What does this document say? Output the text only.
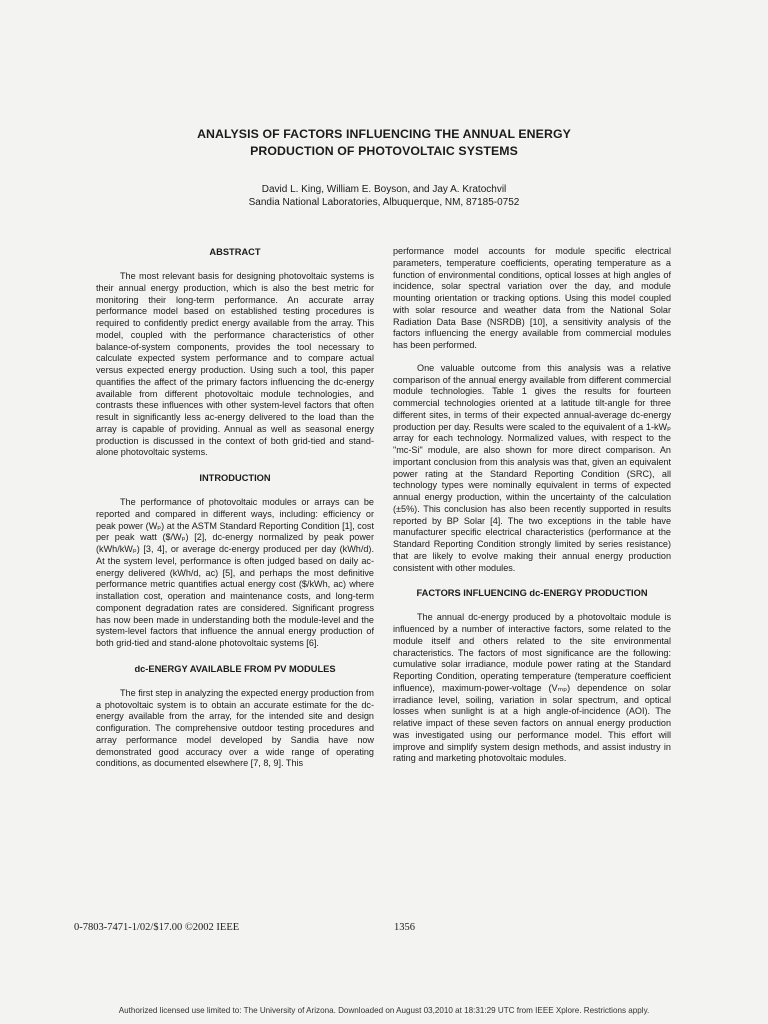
ANALYSIS OF FACTORS INFLUENCING THE ANNUAL ENERGY
PRODUCTION OF PHOTOVOLTAIC SYSTEMS
David L. King, William E. Boyson, and Jay A. Kratochvil
Sandia National Laboratories, Albuquerque, NM, 87185-0752
ABSTRACT

The most relevant basis for designing photovoltaic systems is their annual energy production, which is also the best metric for monitoring their long-term performance. An accurate array performance model based on established testing procedures is required to confidently predict energy available from the array. This model, coupled with the performance characteristics of other balance-of-system components, provides the tool necessary to calculate expected system performance and to compare actual versus expected energy production. Using such a tool, this paper quantifies the affect of the primary factors influencing the dc-energy available from different photovoltaic module technologies, and contrasts these influences with other system-level factors that often result in significantly less ac-energy delivered to the load than the array is capable of providing. Annual as well as seasonal energy production is discussed in the context of both grid-tied and stand-alone photovoltaic systems.

INTRODUCTION

The performance of photovoltaic modules or arrays can be reported and compared in different ways, including: efficiency or peak power (Wₚ) at the ASTM Standard Reporting Condition [1], cost per peak watt ($/Wₚ) [2], dc-energy normalized by peak power (kWh/kWₚ) [3, 4], or average dc-energy produced per day (kWh/d). At the system level, performance is often judged based on daily ac-energy delivered (kWh/d, ac) [5], and perhaps the most definitive performance metric quantifies actual energy cost ($/kWh, ac) where installation cost, operation and maintenance costs, and long-term component degradation rates are considered. Significant progress has now been made in understanding both the module-level and the system-level factors that influence the annual energy production of both grid-tied and stand-alone photovoltaic systems [6].

dc-ENERGY AVAILABLE FROM PV MODULES

The first step in analyzing the expected energy production from a photovoltaic system is to obtain an accurate estimate for the dc-energy available from the array, for the intended site and design configuration. The comprehensive outdoor testing procedures and array performance model developed by Sandia have now demonstrated good accuracy over a wide range of operating conditions, as documented elsewhere [7, 8, 9]. This

performance model accounts for module specific electrical parameters, temperature coefficients, operating temperature as a function of environmental conditions, optical losses at high angles of incidence, solar spectral variation over the day, and module mounting orientation or tracking options. Using this model coupled with solar resource and weather data from the National Solar Radiation Data Base (NSRDB) [10], a sensitivity analysis of the factors influencing the energy available from commercial modules has been performed.

One valuable outcome from this analysis was a relative comparison of the annual energy available from different commercial module technologies. Table 1 gives the results for fourteen commercial technologies oriented at a latitude tilt-angle for three different sites, in terms of their expected annual-average dc-energy production per day. Results were scaled to the equivalent of a 1-kWₚ array for each technology. Normalized values, with respect to the "mc-Si" module, are also shown for more direct comparison. An important conclusion from this analysis was that, given an equivalent power rating at the Standard Reporting Condition (SRC), all technology types were nominally equivalent in terms of expected annual energy production, within the uncertainty of the calculation (±5%). This conclusion has also been recently supported in results reported by BP Solar [4]. The two exceptions in the table have manufacturer specific electrical characteristics (performance at the Standard Reporting Condition strongly limited by series resistance) that are likely to evolve making their annual energy production consistent with other modules.

FACTORS INFLUENCING dc-ENERGY PRODUCTION

The annual dc-energy produced by a photovoltaic module is influenced by a number of interactive factors, some related to the module itself and others related to the site environmental characteristics. The factors of most significance are the following: cumulative solar irradiance, module power rating at the Standard Reporting Condition, operating temperature (temperature coefficient influence), maximum-power-voltage (Vₘₚ) dependence on solar irradiance level, soiling, variation in solar spectrum, and optical losses when sunlight is at a high angle-of-incidence (AOI). The relative impact of these seven factors on annual energy production was investigated using our performance model. This effort will improve and simplify system design methods, and assist industry in rating and marketing photovoltaic modules.

0-7803-7471-1/02/$17.00 ©2002 IEEE	1356
Authorized licensed use limited to: The University of Arizona. Downloaded on August 03,2010 at 18:31:29 UTC from IEEE Xplore. Restrictions apply.
